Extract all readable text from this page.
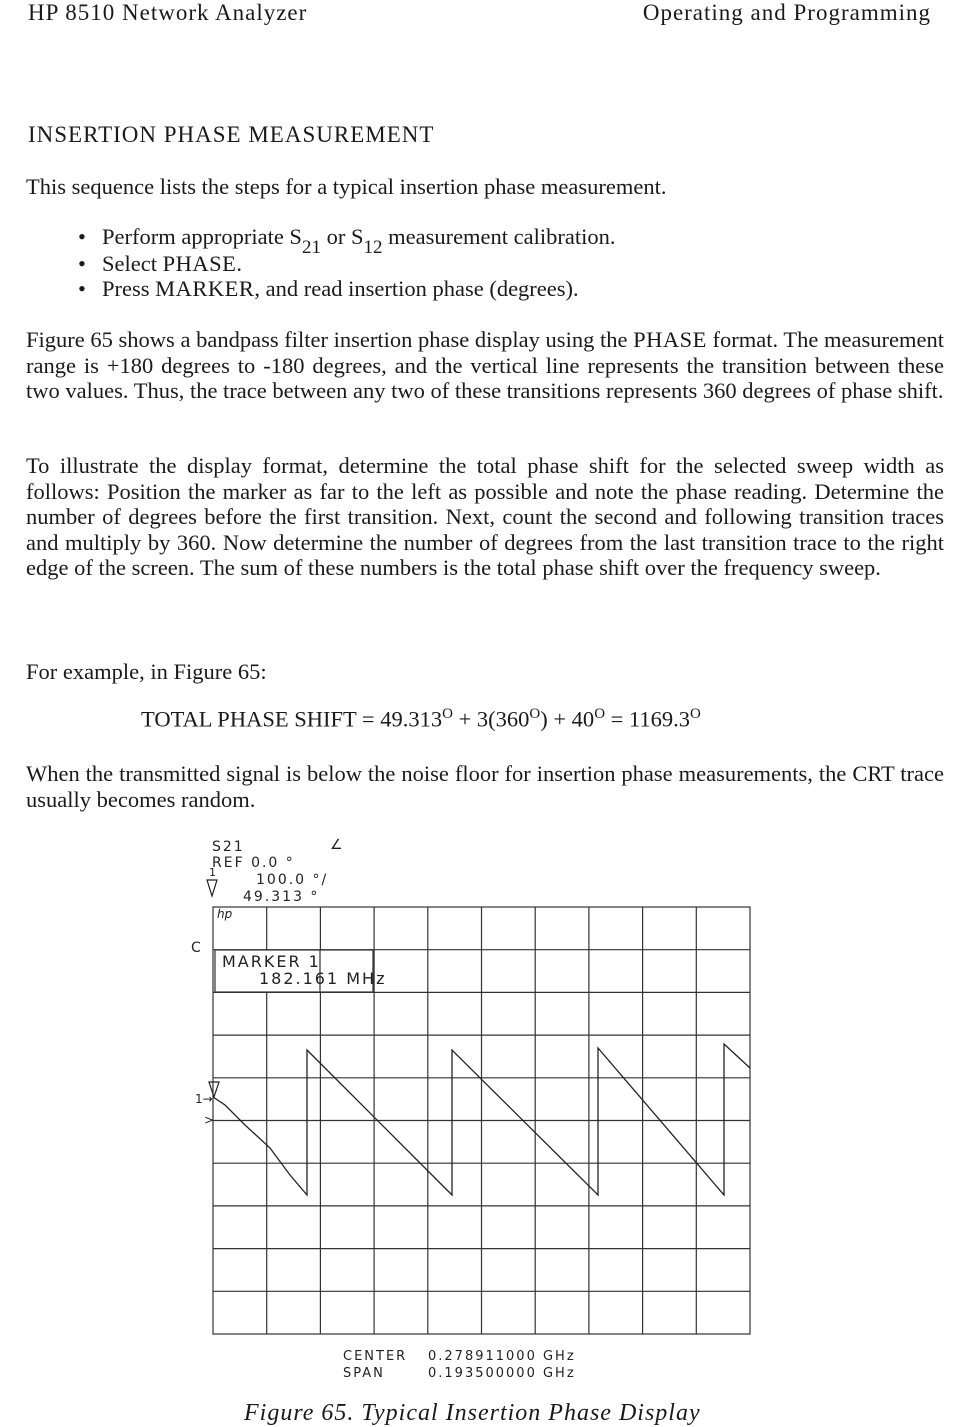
HP 8510 Network Analyzer	Operating and Programming
INSERTION PHASE MEASUREMENT

This sequence lists the steps for a typical insertion phase measurement.

• Perform appropriate $S_{21}$ or $S_{12}$ measurement calibration.
• Select PHASE.
• Press MARKER, and read insertion phase (degrees).

Figure 65 shows a bandpass filter insertion phase display using the PHASE format. The measurement range is +180 degrees to -180 degrees, and the vertical line represents the transition between these two values. Thus, the trace between any two of these transitions represents 360 degrees of phase shift.

To illustrate the display format, determine the total phase shift for the selected sweep width as follows: Position the marker as far to the left as possible and note the phase reading. Determine the number of degrees before the first transition. Next, count the second and following transition traces and multiply by 360. Now determine the number of degrees from the last transition trace to the right edge of the screen. The sum of these numbers is the total phase shift over the frequency sweep.

For example, in Figure 65:

TOTAL PHASE SHIFT = $49.313^O + 3(360^O) + 40^O = 1169.3^O$

When the transmitted signal is below the noise floor for insertion phase measurements, the CRT trace usually becomes random.

S21	∠
REF 0.0 °
1	100.0 °/
49.313 °
hp
C
MARKER 1
182.161 MHz
1→
>
CENTER 0.278911000 GHz
SPAN	0.193500000 GHz
Figure 65. Typical Insertion Phase Display
